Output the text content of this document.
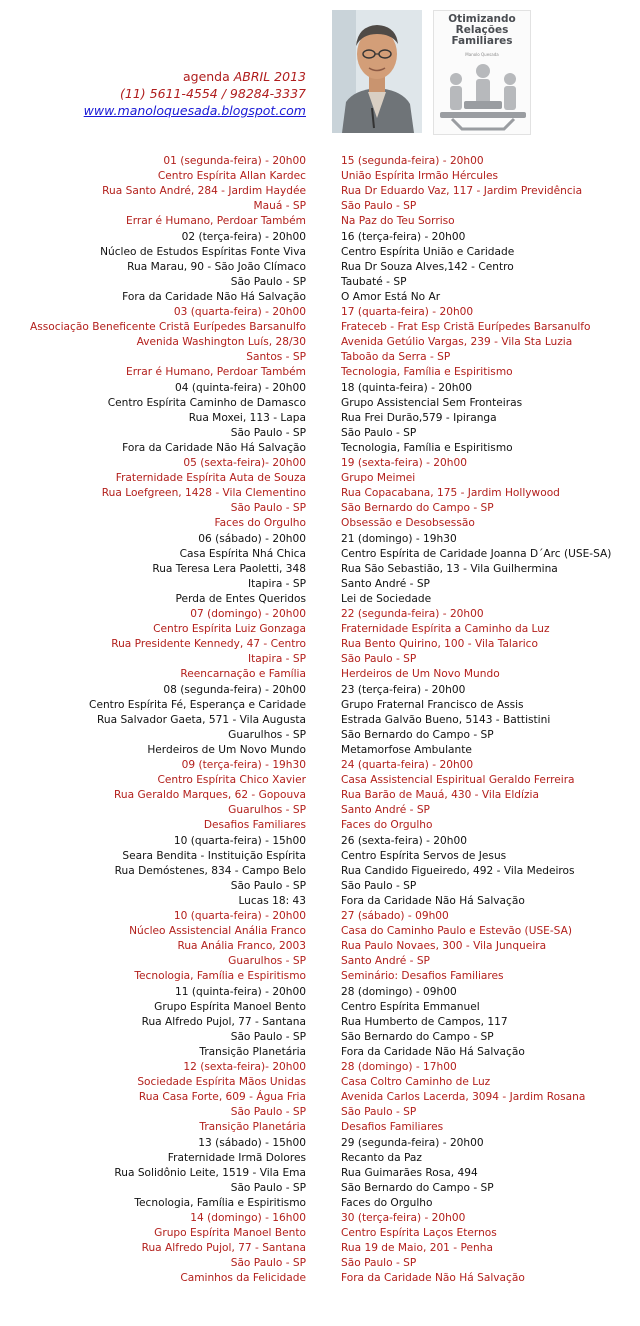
agenda ABRIL 2013
(11) 5611-4554 / 98284-3337
www.manoloquesada.blogspot.com
Otimizando
Relações
Familiares
Manolo Quesada
01 (segunda-feira) - 20h00	15 (segunda-feira) - 20h00
Centro Espírita Allan Kardec	União Espírita Irmão Hércules
Rua Santo André, 284 - Jardim Haydée	Rua Dr Eduardo Vaz, 117 - Jardim Previdência
Mauá - SP	São Paulo - SP
Errar é Humano, Perdoar Também	Na Paz do Teu Sorriso
02 (terça-feira) - 20h00	16 (terça-feira) - 20h00
Núcleo de Estudos Espíritas Fonte Viva	Centro Espírita União e Caridade
Rua Marau, 90 - São João Clímaco	Rua Dr Souza Alves,142 - Centro
São Paulo - SP	Taubaté - SP
Fora da Caridade Não Há Salvação	O Amor Está No Ar
03 (quarta-feira) - 20h00	17 (quarta-feira) - 20h00
Associação Beneficente Cristã Eurípedes Barsanulfo	Frateceb - Frat Esp Cristã Eurípedes Barsanulfo
Avenida Washington Luís, 28/30	Avenida Getúlio Vargas, 239 - Vila Sta Luzia
Santos - SP	Taboão da Serra - SP
Errar é Humano, Perdoar Também	Tecnologia, Família e Espiritismo
04 (quinta-feira) - 20h00	18 (quinta-feira) - 20h00
Centro Espírita Caminho de Damasco	Grupo Assistencial Sem Fronteiras
Rua Moxei, 113 - Lapa	Rua Frei Durão,579 - Ipiranga
São Paulo - SP	São Paulo - SP
Fora da Caridade Não Há Salvação	Tecnologia, Família e Espiritismo
05 (sexta-feira)- 20h00	19 (sexta-feira) - 20h00
Fraternidade Espírita Auta de Souza	Grupo Meimei
Rua Loefgreen, 1428 - Vila Clementino	Rua Copacabana, 175 - Jardim Hollywood
São Paulo - SP	São Bernardo do Campo - SP
Faces do Orgulho	Obsessão e Desobsessão
06 (sábado) - 20h00	21 (domingo) - 19h30
Casa Espírita Nhá Chica	Centro Espírita de Caridade Joanna D´Arc (USE-SA)
Rua Teresa Lera Paoletti, 348	Rua São Sebastião, 13 - Vila Guilhermina
Itapira - SP	Santo André - SP
Perda de Entes Queridos	Lei de Sociedade
07 (domingo) - 20h00	22 (segunda-feira) - 20h00
Centro Espírita Luiz Gonzaga	Fraternidade Espírita a Caminho da Luz
Rua Presidente Kennedy, 47 - Centro	Rua Bento Quirino, 100 - Vila Talarico
Itapira - SP	São Paulo - SP
Reencarnação e Família	Herdeiros de Um Novo Mundo
08 (segunda-feira) - 20h00	23 (terça-feira) - 20h00
Centro Espírita Fé, Esperança e Caridade	Grupo Fraternal Francisco de Assis
Rua Salvador Gaeta, 571 - Vila Augusta	Estrada Galvão Bueno, 5143 - Battistini
Guarulhos - SP	São Bernardo do Campo - SP
Herdeiros de Um Novo Mundo	Metamorfose Ambulante
09 (terça-feira) - 19h30	24 (quarta-feira) - 20h00
Centro Espírita Chico Xavier	Casa Assistencial Espiritual Geraldo Ferreira
Rua Geraldo Marques, 62 - Gopouva	Rua Barão de Mauá, 430 - Vila Eldízia
Guarulhos - SP	Santo André - SP
Desafios Familiares	Faces do Orgulho
10 (quarta-feira) - 15h00	26 (sexta-feira) - 20h00
Seara Bendita - Instituição Espírita	Centro Espírita Servos de Jesus
Rua Demóstenes, 834 - Campo Belo	Rua Candido Figueiredo, 492 - Vila Medeiros
São Paulo - SP	São Paulo - SP
Lucas 18: 43	Fora da Caridade Não Há Salvação
10 (quarta-feira) - 20h00	27 (sábado) - 09h00
Núcleo Assistencial Anália Franco	Casa do Caminho Paulo e Estevão (USE-SA)
Rua Anália Franco, 2003	Rua Paulo Novaes, 300 - Vila Junqueira
Guarulhos - SP	Santo André - SP
Tecnologia, Família e Espiritismo	Seminário: Desafios Familiares
11 (quinta-feira) - 20h00	28 (domingo) - 09h00
Grupo Espírita Manoel Bento	Centro Espírita Emmanuel
Rua Alfredo Pujol, 77 - Santana	Rua Humberto de Campos, 117
São Paulo - SP	São Bernardo do Campo - SP
Transição Planetária	Fora da Caridade Não Há Salvação
12 (sexta-feira)- 20h00	28 (domingo) - 17h00
Sociedade Espírita Mãos Unidas	Casa Coltro Caminho de Luz
Rua Casa Forte, 609 - Água Fria	Avenida Carlos Lacerda, 3094 - Jardim Rosana
São Paulo - SP	São Paulo - SP
Transição Planetária	Desafios Familiares
13 (sábado) - 15h00	29 (segunda-feira) - 20h00
Fraternidade Irmã Dolores	Recanto da Paz
Rua Solidônio Leite, 1519 - Vila Ema	Rua Guimarães Rosa, 494
São Paulo - SP	São Bernardo do Campo - SP
Tecnologia, Família e Espiritismo	Faces do Orgulho
14 (domingo) - 16h00	30 (terça-feira) - 20h00
Grupo Espírita Manoel Bento	Centro Espírita Laços Eternos
Rua Alfredo Pujol, 77 - Santana	Rua 19 de Maio, 201 - Penha
São Paulo - SP	São Paulo - SP
Caminhos da Felicidade	Fora da Caridade Não Há Salvação
